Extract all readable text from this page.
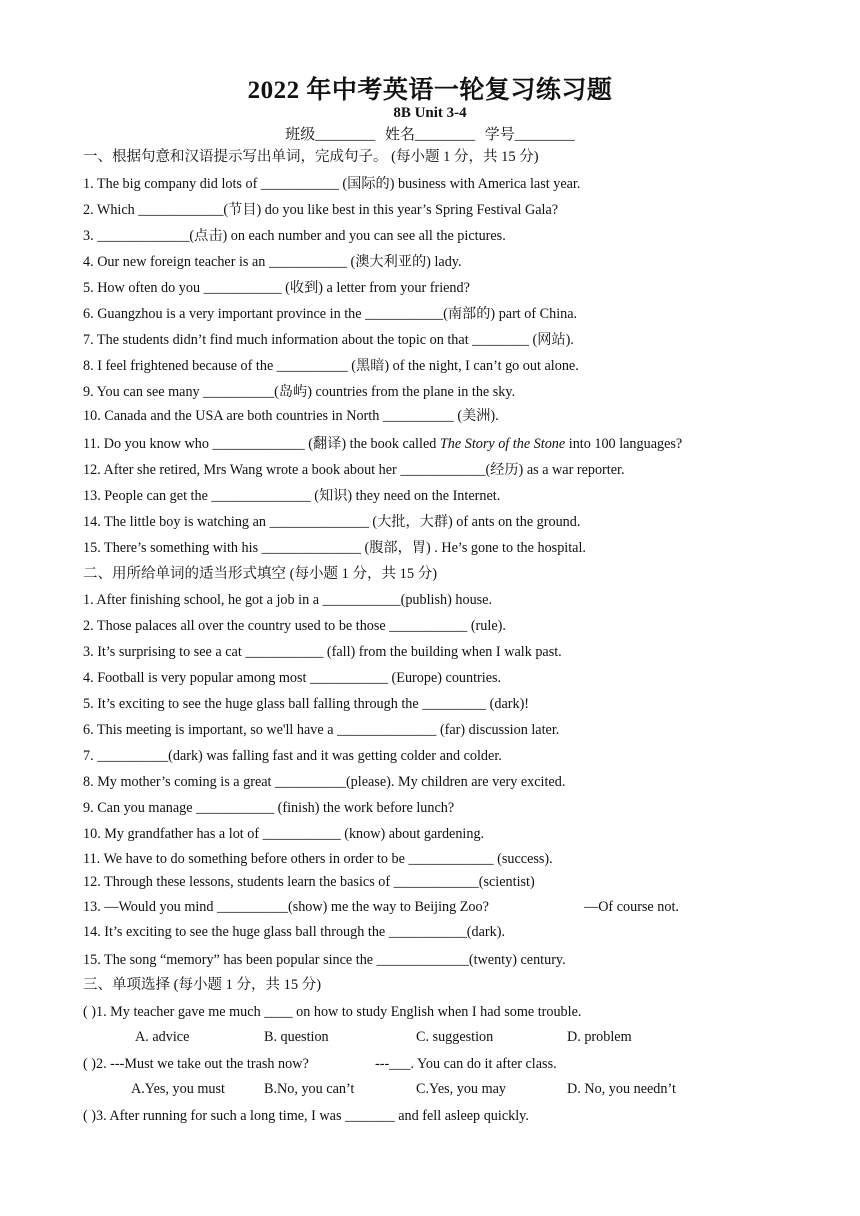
2022 年中考英语一轮复习练习题
8B Unit 3-4
班级________ 姓名________ 学号________
一、根据句意和汉语提示写出单词，完成句子。 (每小题 1 分，共 15 分)
1. The big company did lots of ___________ (国际的) business with America last year.
2. Which ____________(节目) do you like best in this year’s Spring Festival Gala?
3. _____________(点击) on each number and you can see all the pictures.
4. Our new foreign teacher is an ___________ (澳大利亚的) lady.
5. How often do you ___________ (收到) a letter from your friend?
6. Guangzhou is a very important province in the ___________(南部的) part of China.
7. The students didn’t find much information about the topic on that ________ (网站).
8. I feel frightened because of the __________ (黑暗) of the night, I can’t go out alone.
9. You can see many __________(岛屿) countries from the plane in the sky.
10. Canada and the USA are both countries in North __________ (美洲).
11. Do you know who _____________ (翻译) the book called The Story of the Stone into 100 languages?
12. After she retired, Mrs Wang wrote a book about her ____________(经历) as a war reporter.
13. People can get the ______________ (知识) they need on the Internet.
14. The little boy is watching an ______________ (大批，大群) of ants on the ground.
15. There’s something with his ______________ (腹部，胃) . He’s gone to the hospital.
二、用所给单词的适当形式填空 (每小题 1 分，共 15 分)
1. After finishing school, he got a job in a ___________(publish) house.
2. Those palaces all over the country used to be those ___________ (rule).
3. It’s surprising to see a cat ___________ (fall) from the building when I walk past.
4. Football is very popular among most ___________ (Europe) countries.
5. It’s exciting to see the huge glass ball falling through the _________ (dark)!
6. This meeting is important, so we'll have a ______________ (far) discussion later.
7. __________(dark) was falling fast and it was getting colder and colder.
8. My mother’s coming is a great __________(please). My children are very excited.
9. Can you manage ___________ (finish) the work before lunch?
10. My grandfather has a lot of ___________ (know) about gardening.
11. We have to do something before others in order to be ____________ (success).
12. Through these lessons, students learn the basics of ____________(scientist)
13. —Would you mind __________(show) me the way to Beijing Zoo?	—Of course not.
14. It’s exciting to see the huge glass ball through the ___________(dark).
15. The song “memory” has been popular since the _____________(twenty) century.
三、单项选择 (每小题 1 分，共 15 分)
( )1. My teacher gave me much ____ on how to study English when I had some trouble.
A. advice	B. question	C. suggestion	D. problem
( )2. ---Must we take out the trash now?	---___. You can do it after class.
A.Yes, you must	B.No, you can’t	C.Yes, you may	D. No, you needn’t
( )3. After running for such a long time, I was _______ and fell asleep quickly.
